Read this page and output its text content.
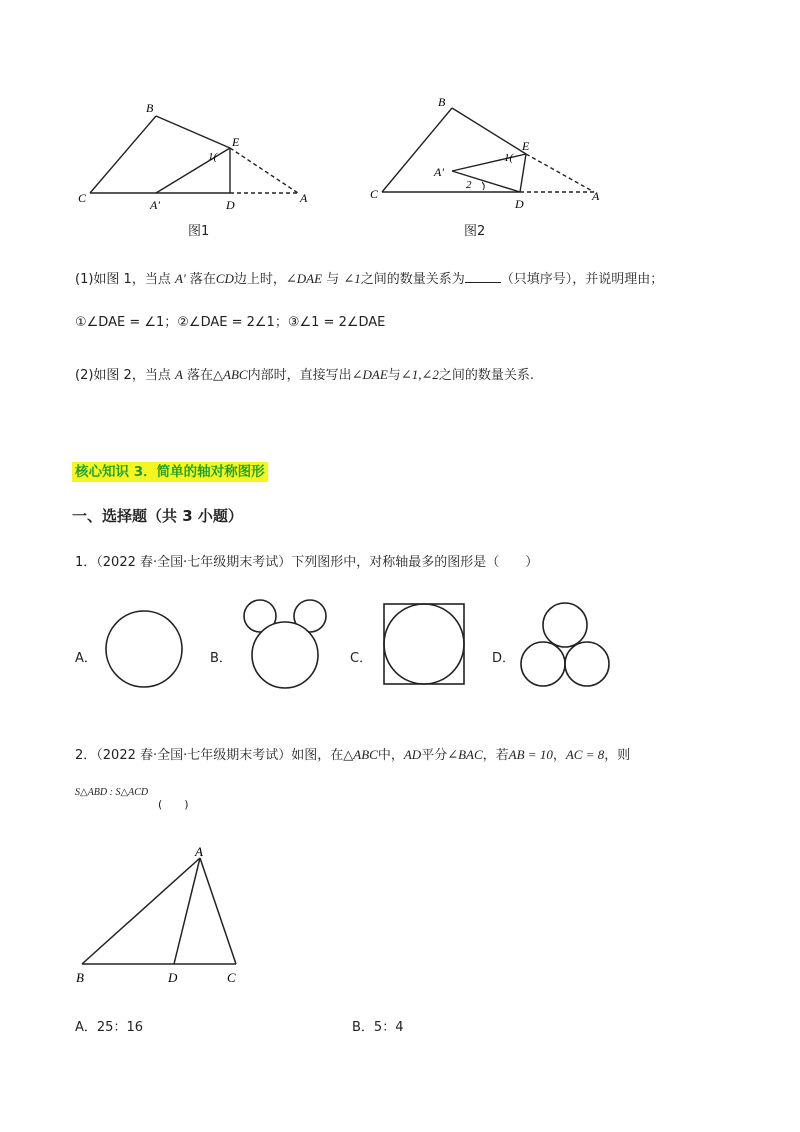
B
E
1(
C	A'	D	A
图1
B
E
1(
2
A'
C
D
A
图2
(1)如图 1，当点 A' 落在CD边上时，∠DAE 与 ∠1之间的数量关系为	（只填序号），并说明理由；
①∠DAE = ∠1；②∠DAE = 2∠1；③∠1 = 2∠DAE
(2)如图 2，当点 A 落在△ABC内部时，直接写出∠DAE与∠1,∠2之间的数量关系.
核心知识 3．简单的轴对称图形
一、选择题（共 3 小题）
1．（2022 春·全国·七年级期末考试）下列图形中，对称轴最多的图形是（　　）
A．	B．	C．	D．
2．（2022 春·全国·七年级期末考试）如图，在△ABC中，AD平分∠BAC，若AB = 10，AC = 8，则
S△ABD : S△ACD
(　　)
A
B	D	C
A．25：16	B．5：4
